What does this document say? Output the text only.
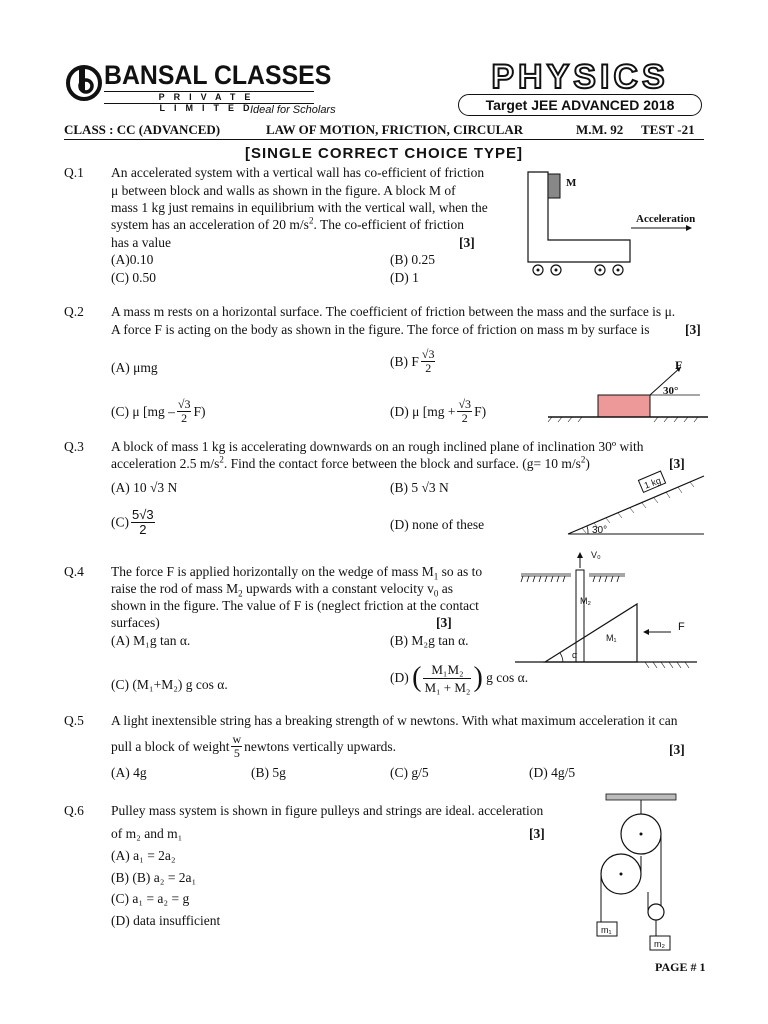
BANSAL CLASSES
PRIVATE LIMITED
Ideal for Scholars
PHYSICS
Target JEE ADVANCED 2018
CLASS : CC (ADVANCED)	LAW OF MOTION, FRICTION, CIRCULAR	M.M. 92 TEST -21
[SINGLE CORRECT CHOICE TYPE]
Q.1 An accelerated system with a vertical wall has co-efficient of friction
μ between block and walls as shown in the figure. A block M of
mass 1 kg just remains in equilibrium with the vertical wall, when the
system has an acceleration of 20 $m/s^2$. The co-efficient of friction
has a value	[3]
(A)0.10	(B) 0.25
(C) 0.50	(D) 1
M
Acceleration
Q.2 A mass m rests on a horizontal surface. The coefficient of friction between the mass and the surface is μ.
A force F is acting on the body as shown in the figure. The force of friction on mass m by surface is	[3]
(A) μmg	(B) F $\frac{√3}{2}$
(C) μ $[mg - \frac{√3}{2} F)$	(D) μ $[mg + \frac{√3}{2} F)$
F
30°
Q.3 A block of mass 1 kg is accelerating downwards on an rough inclined plane of inclination 30º with
acceleration 2.5 $m/s^2$. Find the contact force between the block and surface. (g= 10 $m/s^2$)	[3]
(A) 10 √3 N	(B) 5 √3 N
$(C) \frac{5√3}{2}$	(D) none of these
1 kg
30°
Q.4 The force F is applied horizontally on the wedge of mass $M_1$ so as to
raise the rod of mass $M_2$ upwards with a constant velocity $v_0$ as
shown in the figure. The value of F is (neglect friction at the contact
surfaces)	[3]
(A) M₁g tan α.	(B) M₂g tan α.
(C) (M₁+M₂) g cos α.	(D) ( $\frac{\text{M₁M₂}}{\text{M₁ + M₂}}$ ) g cos α.
V₀
M₂
M₁
F
α
Q.5 A light inextensible string has a breaking strength of w newtons. With what maximum acceleration it can
pull a block of weight $\frac{w}{5}$ newtons vertically upwards.	[3]
(A) 4g	(B) 5g	(C) g/5	(D) 4g/5
Q.6 Pulley mass system is shown in figure pulleys and strings are ideal. acceleration
of m₂ and m₁	[3]
(A) a₁ = 2a₂
(B) (B) a₂ = 2a₁
(C) a₁ = a₂ = g
(D) data insufficient
m₁
m₂
PAGE # 1
